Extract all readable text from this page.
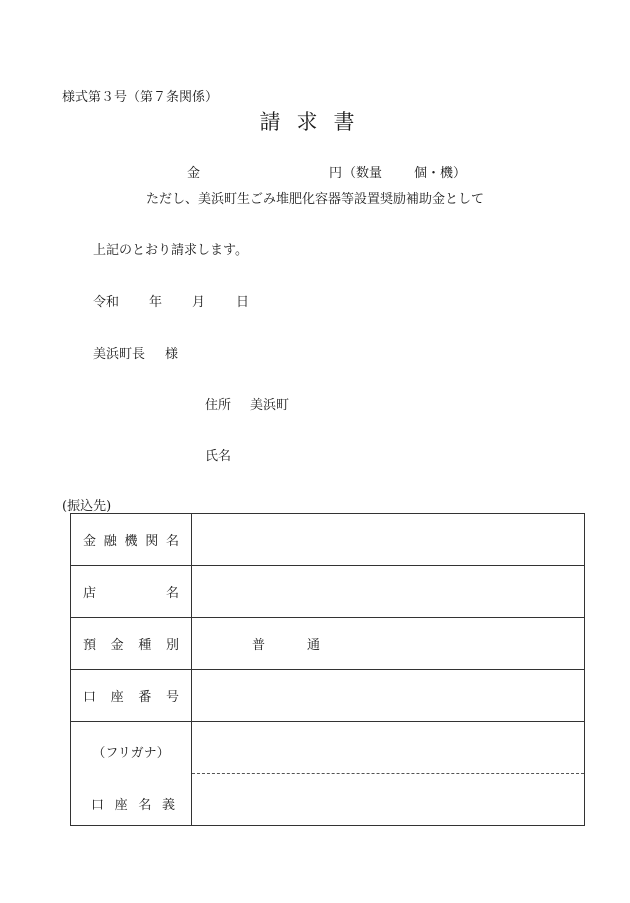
様式第３号（第７条関係）
請求書
金	円 （数量 個・機）
ただし、美浜町生ごみ堆肥化容器等設置奨励補助金として
上記のとおり請求します。
令和 年 月 日
美浜町長 様
住所 美浜町
氏名
(振込先)
金 融 機 関 名	

店 名	

預 金 種 別	普 通

口 座 番 号	

（フリガナ）
口 座 名 義	
